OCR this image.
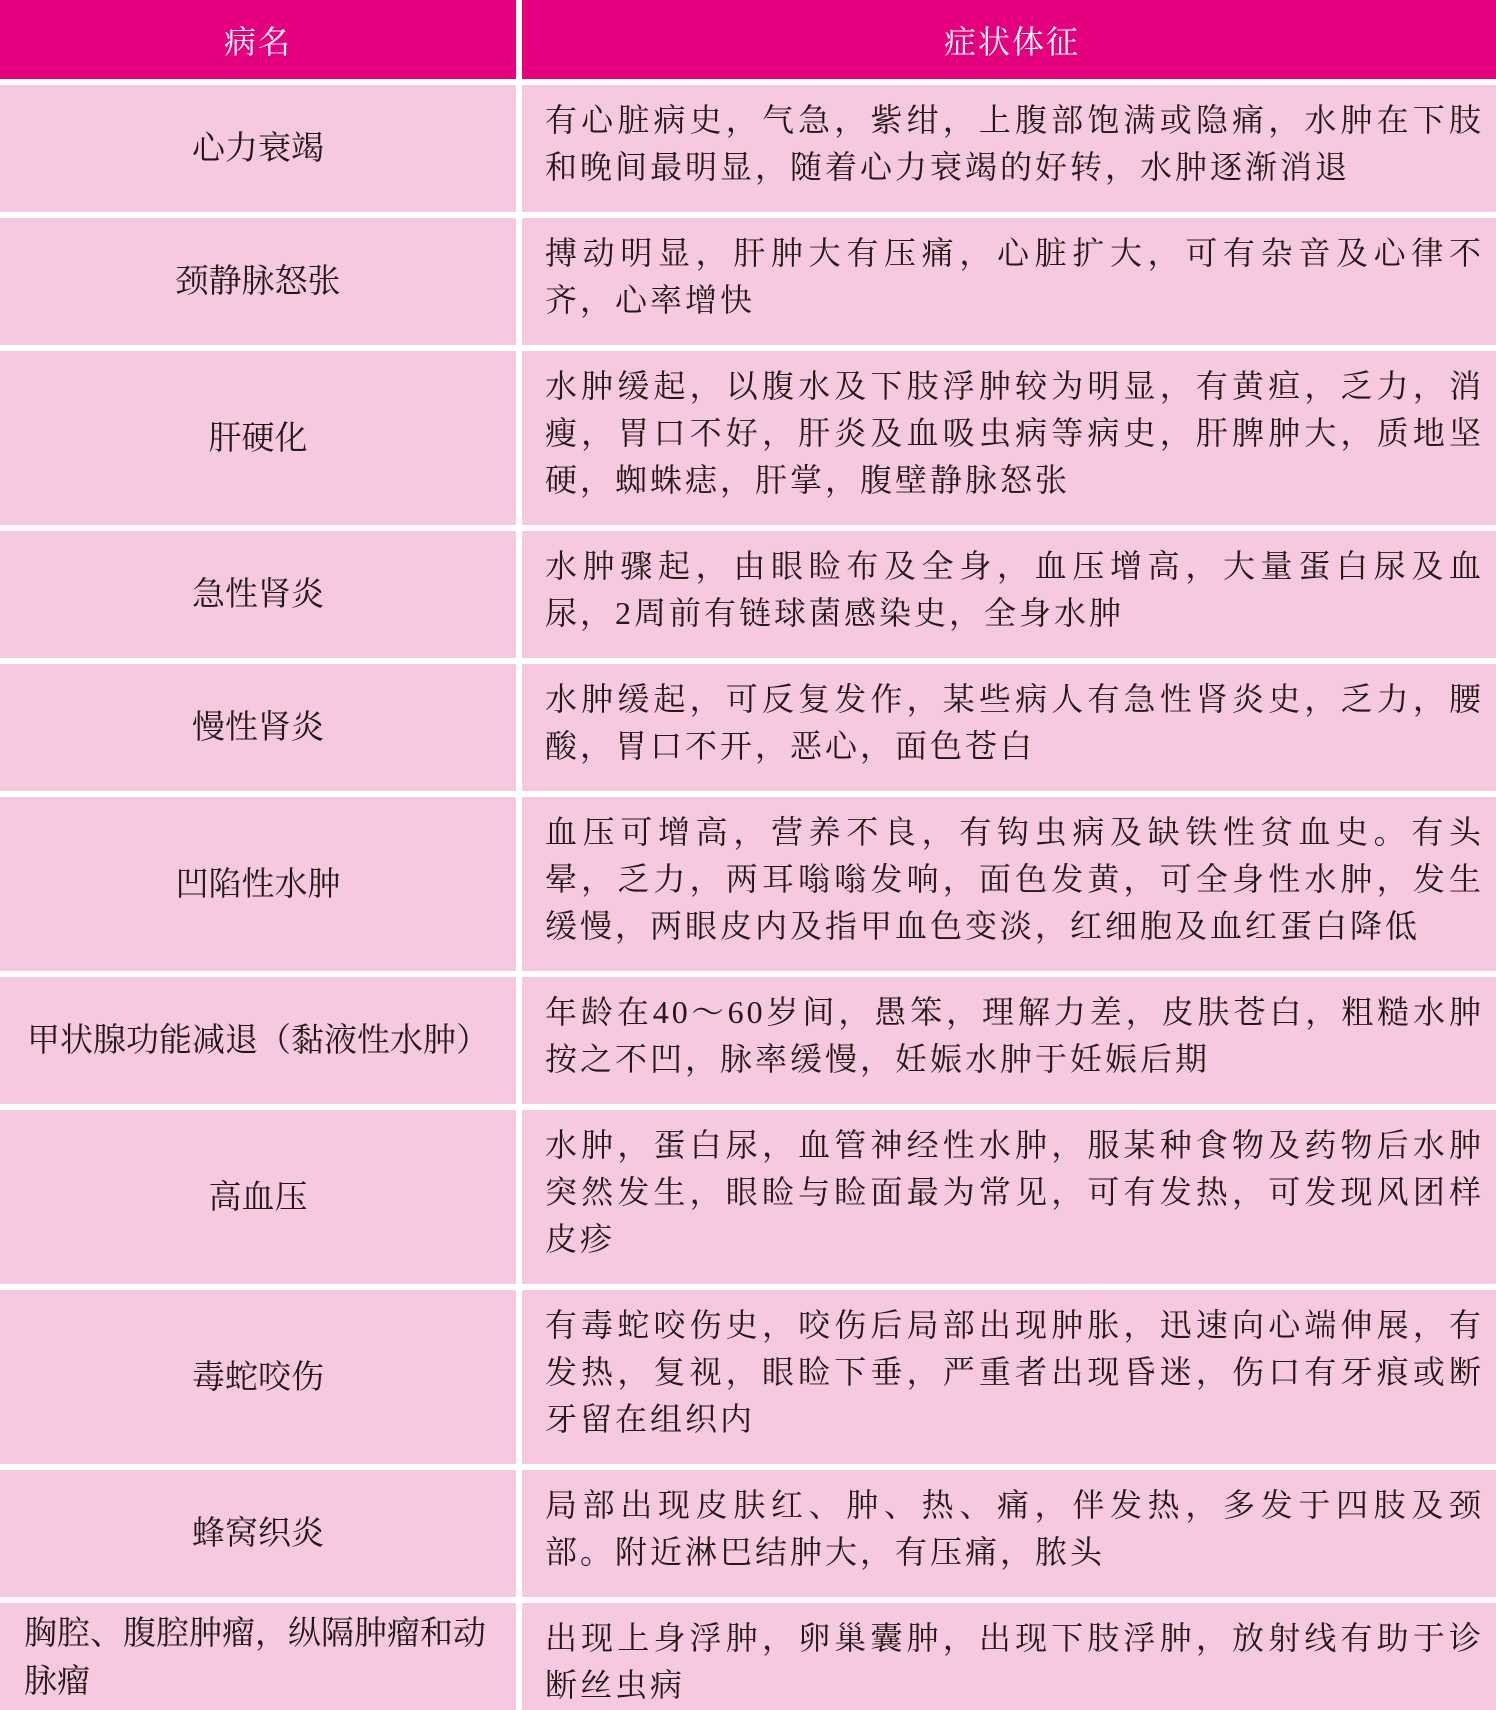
病名	症状体征
心力衰竭
有心脏病史，气急，紫绀，上腹部饱满或隐痛，水肿在下肢和晚间最明显，随着心力衰竭的好转，水肿逐渐消退
颈静脉怒张
搏动明显，肝肿大有压痛，心脏扩大，可有杂音及心律不齐，心率增快
肝硬化
水肿缓起，以腹水及下肢浮肿较为明显，有黄疸，乏力，消瘦，胃口不好，肝炎及血吸虫病等病史，肝脾肿大，质地坚硬，蜘蛛痣，肝掌，腹壁静脉怒张
急性肾炎
水肿骤起，由眼睑布及全身，血压增高，大量蛋白尿及血尿，2周前有链球菌感染史，全身水肿
慢性肾炎
水肿缓起，可反复发作，某些病人有急性肾炎史，乏力，腰酸，胃口不开，恶心，面色苍白
凹陷性水肿
血压可增高，营养不良，有钩虫病及缺铁性贫血史。有头晕，乏力，两耳嗡嗡发响，面色发黄，可全身性水肿，发生缓慢，两眼皮内及指甲血色变淡，红细胞及血红蛋白降低
甲状腺功能减退（黏液性水肿）
年龄在40～60岁间，愚笨，理解力差，皮肤苍白，粗糙水肿按之不凹，脉率缓慢，妊娠水肿于妊娠后期
高血压
水肿，蛋白尿，血管神经性水肿，服某种食物及药物后水肿突然发生，眼睑与睑面最为常见，可有发热，可发现风团样皮疹
毒蛇咬伤
有毒蛇咬伤史，咬伤后局部出现肿胀，迅速向心端伸展，有发热，复视，眼睑下垂，严重者出现昏迷，伤口有牙痕或断牙留在组织内
蜂窝织炎
局部出现皮肤红、肿、热、痛，伴发热，多发于四肢及颈部。附近淋巴结肿大，有压痛，脓头
胸腔、腹腔肿瘤，纵隔肿瘤和动脉瘤
出现上身浮肿，卵巢囊肿，出现下肢浮肿，放射线有助于诊断丝虫病
